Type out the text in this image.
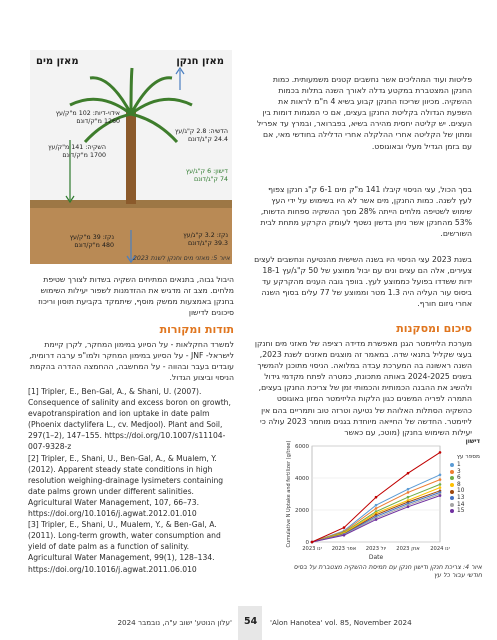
פליטות ועוד המהליכים אשר נחשבים קטנים משמעותית. כמות החנקן המצטברת במקטע גדלה לאורך השנה בתלות בכמות ההשקיה. מכיוון שריכוז החנקן קבוע בשיא 4 ח"מ לראות את השפעת הגדולה בקליטת החנקן בעצים, אם כי המגמות דומות בין העצים. יש קליטה יחסית מהירה בשיא, בפברואר, ובמרץ עד אפריל ומתון של הקליטה אחרי ההלקלה אחרי הדלילה בחודשי מאי, אם עם בזמן הגדיל מעלי ובאוגוסט.

בסך הכול, עצי הניסוי קיבלו 141 מ"ק מים 6-1 ק"ג חנקן צפוף לעץ לשנה. כמות החנקן, מים אשר לא היו בשימוש על ידי העץ שימוש לשטיפה מלחים הייתה 28% מסך ההשקיה ספחות הדשות, 53% מהחנקן אשר ניתן בדשון נשטף לעומק הקרקע מתחת לבית השורשים.

בשנת 2023 עצי הניסוי היו בשנה השישית מהנטיעה ונחשבים לעצים צעירים, אלה הם עצים ונים עם יבול ממוצע של 50 ק"ג/עץ 18-1 ידות ששדדו בפועל כממוצע לעץ. בוופך גובה הענים מהקרקע עד ביסוס עור העליה היה 1.3 מטר וממוצע של 77 עלים בסוף השנה אחרי גיזום חורף.

סיכום ומסקנות

מערכת הליזימטר הגנן מאפשרת מדידה רציפה של מאזני מים וחנקן בעצי שקליל בתנאי שדה. במאמר זה מוצגים מאזנים לשנת 2023, השנה ראשונה בה המערכת עבדה במלואה. הניסוי מתוכנן להמשיך בשנים 2024-2025 באותה מתכונת, כמטרה לפתח מקדמי גידול ולהשיג את ההבנה הכמותית והכמותי זמן של צריכת החנקן בעצים, התמרה לפריה המשנים כגון הלקות הליזימטר המזון באוגוסט כהשקיה הסתלות האלוהת של נטיעה וטרזה טוב ותמריים בהם אין ליזימטר. החדשה של החייאה מיוחדת בגנים מוחמר 2023 עולה כי יעילות השימוש בחנקן (מוטכ, עם כאשר

מאזן מים	מאזן חנקן
הדשיה: 2.8 ק"ג/עץ
24.4 ק"ג/דונם
דישון: 6 ק"ג/עץ
74 ק"ג/דונם
נקז: 3.2 ק"ג/עץ
39.3 ק"ג/דונם
אידוי-דיות: 102 מ"ק/עץ
1260 מ"ק/דונם
השקיה: 141 מ"ק/עץ
1700 מ"ק/דונם
נקז: 39 מ"ק/עץ
480 מ"ק/דונם
איור 5: מאזני מים וחנקן לשנת 2023

היבול גבוה, בתנאים המתיחים השקיה בשדות לצורך שטיפת מלחים. מצב זה מדגיש את ההזדמנות לשפור יעילות השימוש בחנקן באמצעות ממשק מוסף, שיתמקד בקביעת תוסון וריכוז סיכונים לדישון

תודות ומקורות

למשרד החקלאות - על הסיוע במימון המחקר, לקרן קיימת לישראל- JNF - על הסיוע במימון המחקר ולמו"פ ערבה דרומית, עובדים בעבר ובהווה - על המחשבה, ההחמצה ההדרה בהקמת הניסוי וביצוע הגדול.

[1] Tripler, E., Ben-Gal, A., & Shani, U. (2007). Consequence of salinity and excess boron on growth, evapotranspiration and ion uptake in date palm (Phoenix dactylifera L., cv. Medjool). Plant and Soil, 297(1–2), 147–155. https://doi.org/10.1007/s11104-007-9328-z

[2] Tripler, E., Shani, U., Ben-Gal, A., & Mualem, Y. (2012). Apparent steady state conditions in high resolution weighing-drainage lysimeters containing date palms grown under different salinities. Agricultural Water Management, 107, 66–73. https://doi.org/10.1016/j.agwat.2012.01.010

[3] Tripler, E., Shani, U., Mualem, Y., & Ben-Gal, A. (2011). Long-term growth, water consumption and yield of date palm as a function of salinity. Agricultural Water Management, 99(1), 128–134. https://doi.org/10.1016/j.agwat.2011.06.010

0
2000
4000
6000
2023 ינו 2023 אפר 2023 יול 2023 אוק 2024 ינו
Date
Cumulative N Uptake and fertilizer (g/tree)	דישון
מספר עץ
1
3
6
8
10
13
14
15
איור 4: צריכת חנקן ודישון חנקן עם תמיסת ההשקיה מצטברת על בסיס חודשי עבור כל עץ
54 'Alon Hanotea' vol. 85, November 2024
'עלון הנוטע' ישוב ע"ה, נובמבר 2024
